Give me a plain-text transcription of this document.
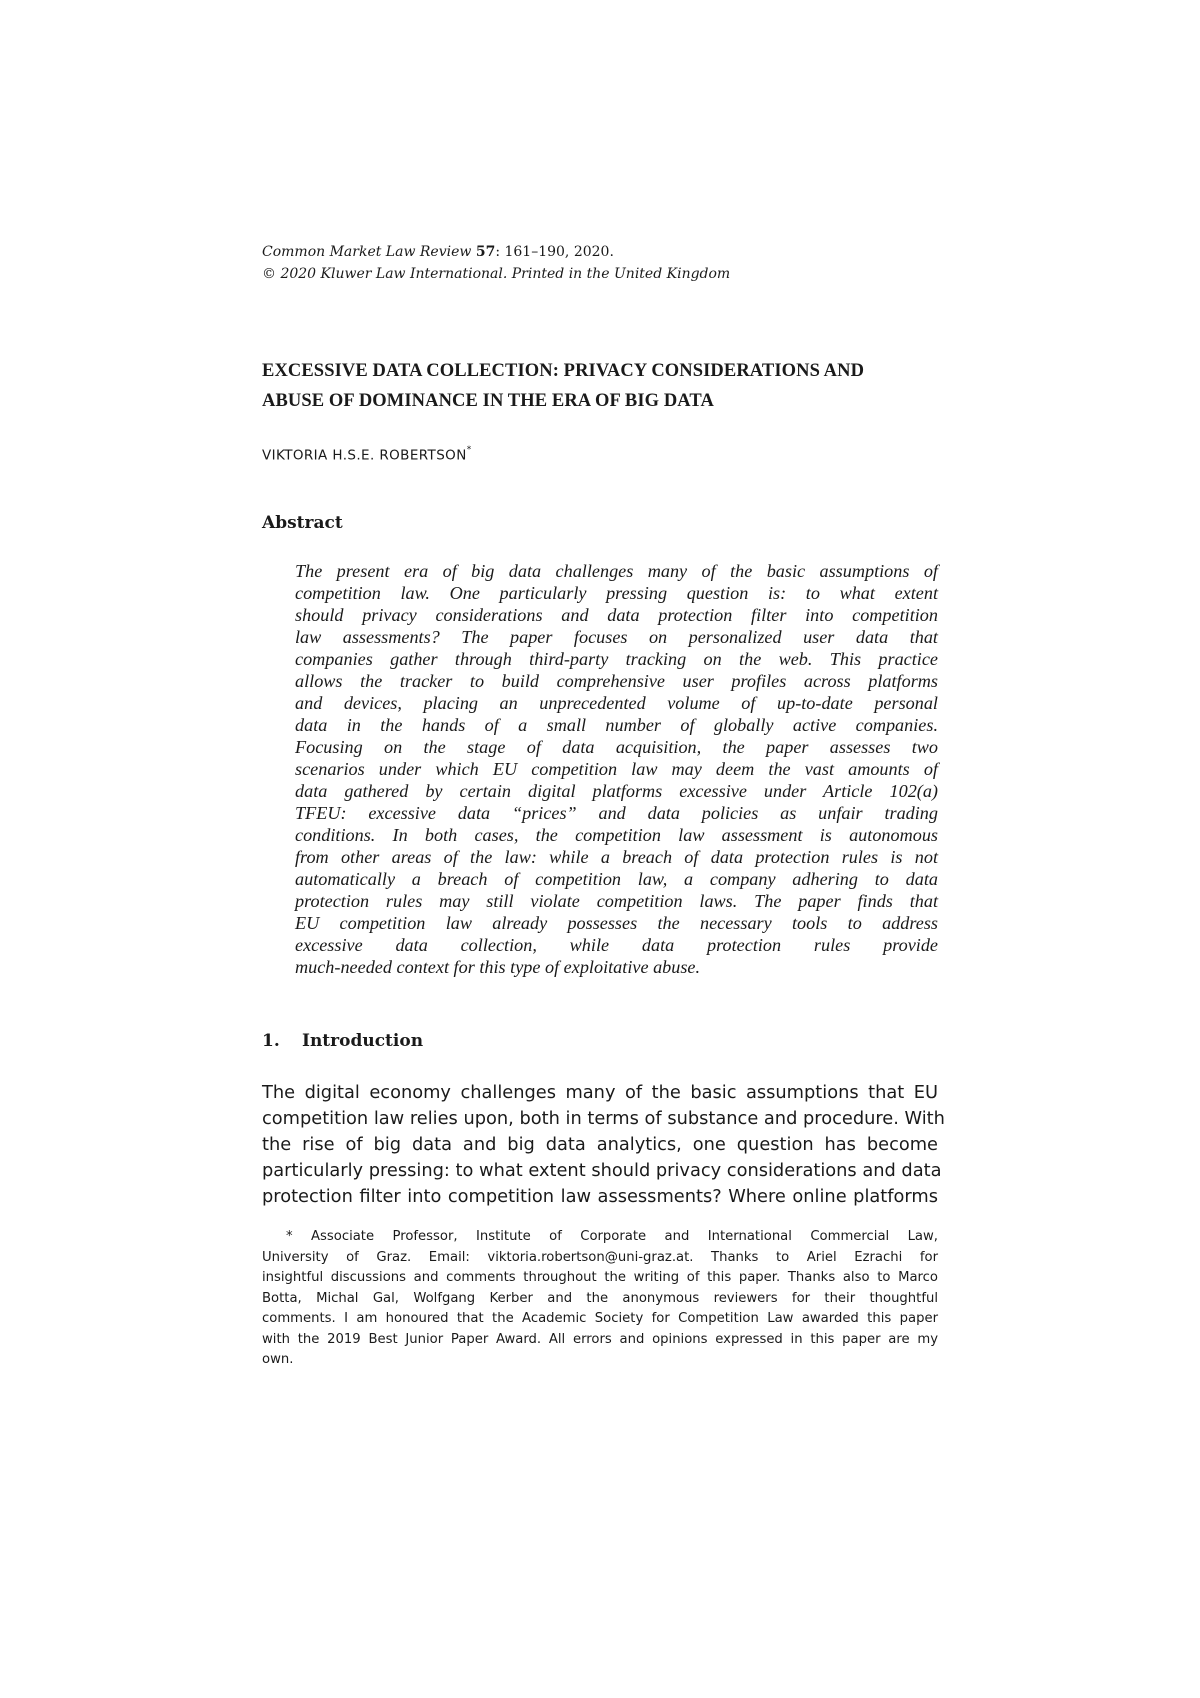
Common Market Law Review 57: 161–190, 2020.
© 2020 Kluwer Law International. Printed in the United Kingdom
EXCESSIVE DATA COLLECTION: PRIVACY CONSIDERATIONS AND
ABUSE OF DOMINANCE IN THE ERA OF BIG DATA
VIKTORIA H.S.E. ROBERTSON*
Abstract
The present era of big data challenges many of the basic assumptions of
competition law. One particularly pressing question is: to what extent
should privacy considerations and data protection filter into competition
law assessments? The paper focuses on personalized user data that
companies gather through third-party tracking on the web. This practice
allows the tracker to build comprehensive user profiles across platforms
and devices, placing an unprecedented volume of up-to-date personal
data in the hands of a small number of globally active companies.
Focusing on the stage of data acquisition, the paper assesses two
scenarios under which EU competition law may deem the vast amounts of
data gathered by certain digital platforms excessive under Article 102(a)
TFEU: excessive data “prices” and data policies as unfair trading
conditions. In both cases, the competition law assessment is autonomous
from other areas of the law: while a breach of data protection rules is not
automatically a breach of competition law, a company adhering to data
protection rules may still violate competition laws. The paper finds that
EU competition law already possesses the necessary tools to address
excessive data collection, while data protection rules provide
much-needed context for this type of exploitative abuse.
1. Introduction
The digital economy challenges many of the basic assumptions that EU
competition law relies upon, both in terms of substance and procedure. With
the rise of big data and big data analytics, one question has become
particularly pressing: to what extent should privacy considerations and data
protection filter into competition law assessments? Where online platforms
* Associate Professor, Institute of Corporate and International Commercial Law,
University of Graz. Email: viktoria.robertson@uni-graz.at. Thanks to Ariel Ezrachi for
insightful discussions and comments throughout the writing of this paper. Thanks also to Marco
Botta, Michal Gal, Wolfgang Kerber and the anonymous reviewers for their thoughtful
comments. I am honoured that the Academic Society for Competition Law awarded this paper
with the 2019 Best Junior Paper Award. All errors and opinions expressed in this paper are my
own.
